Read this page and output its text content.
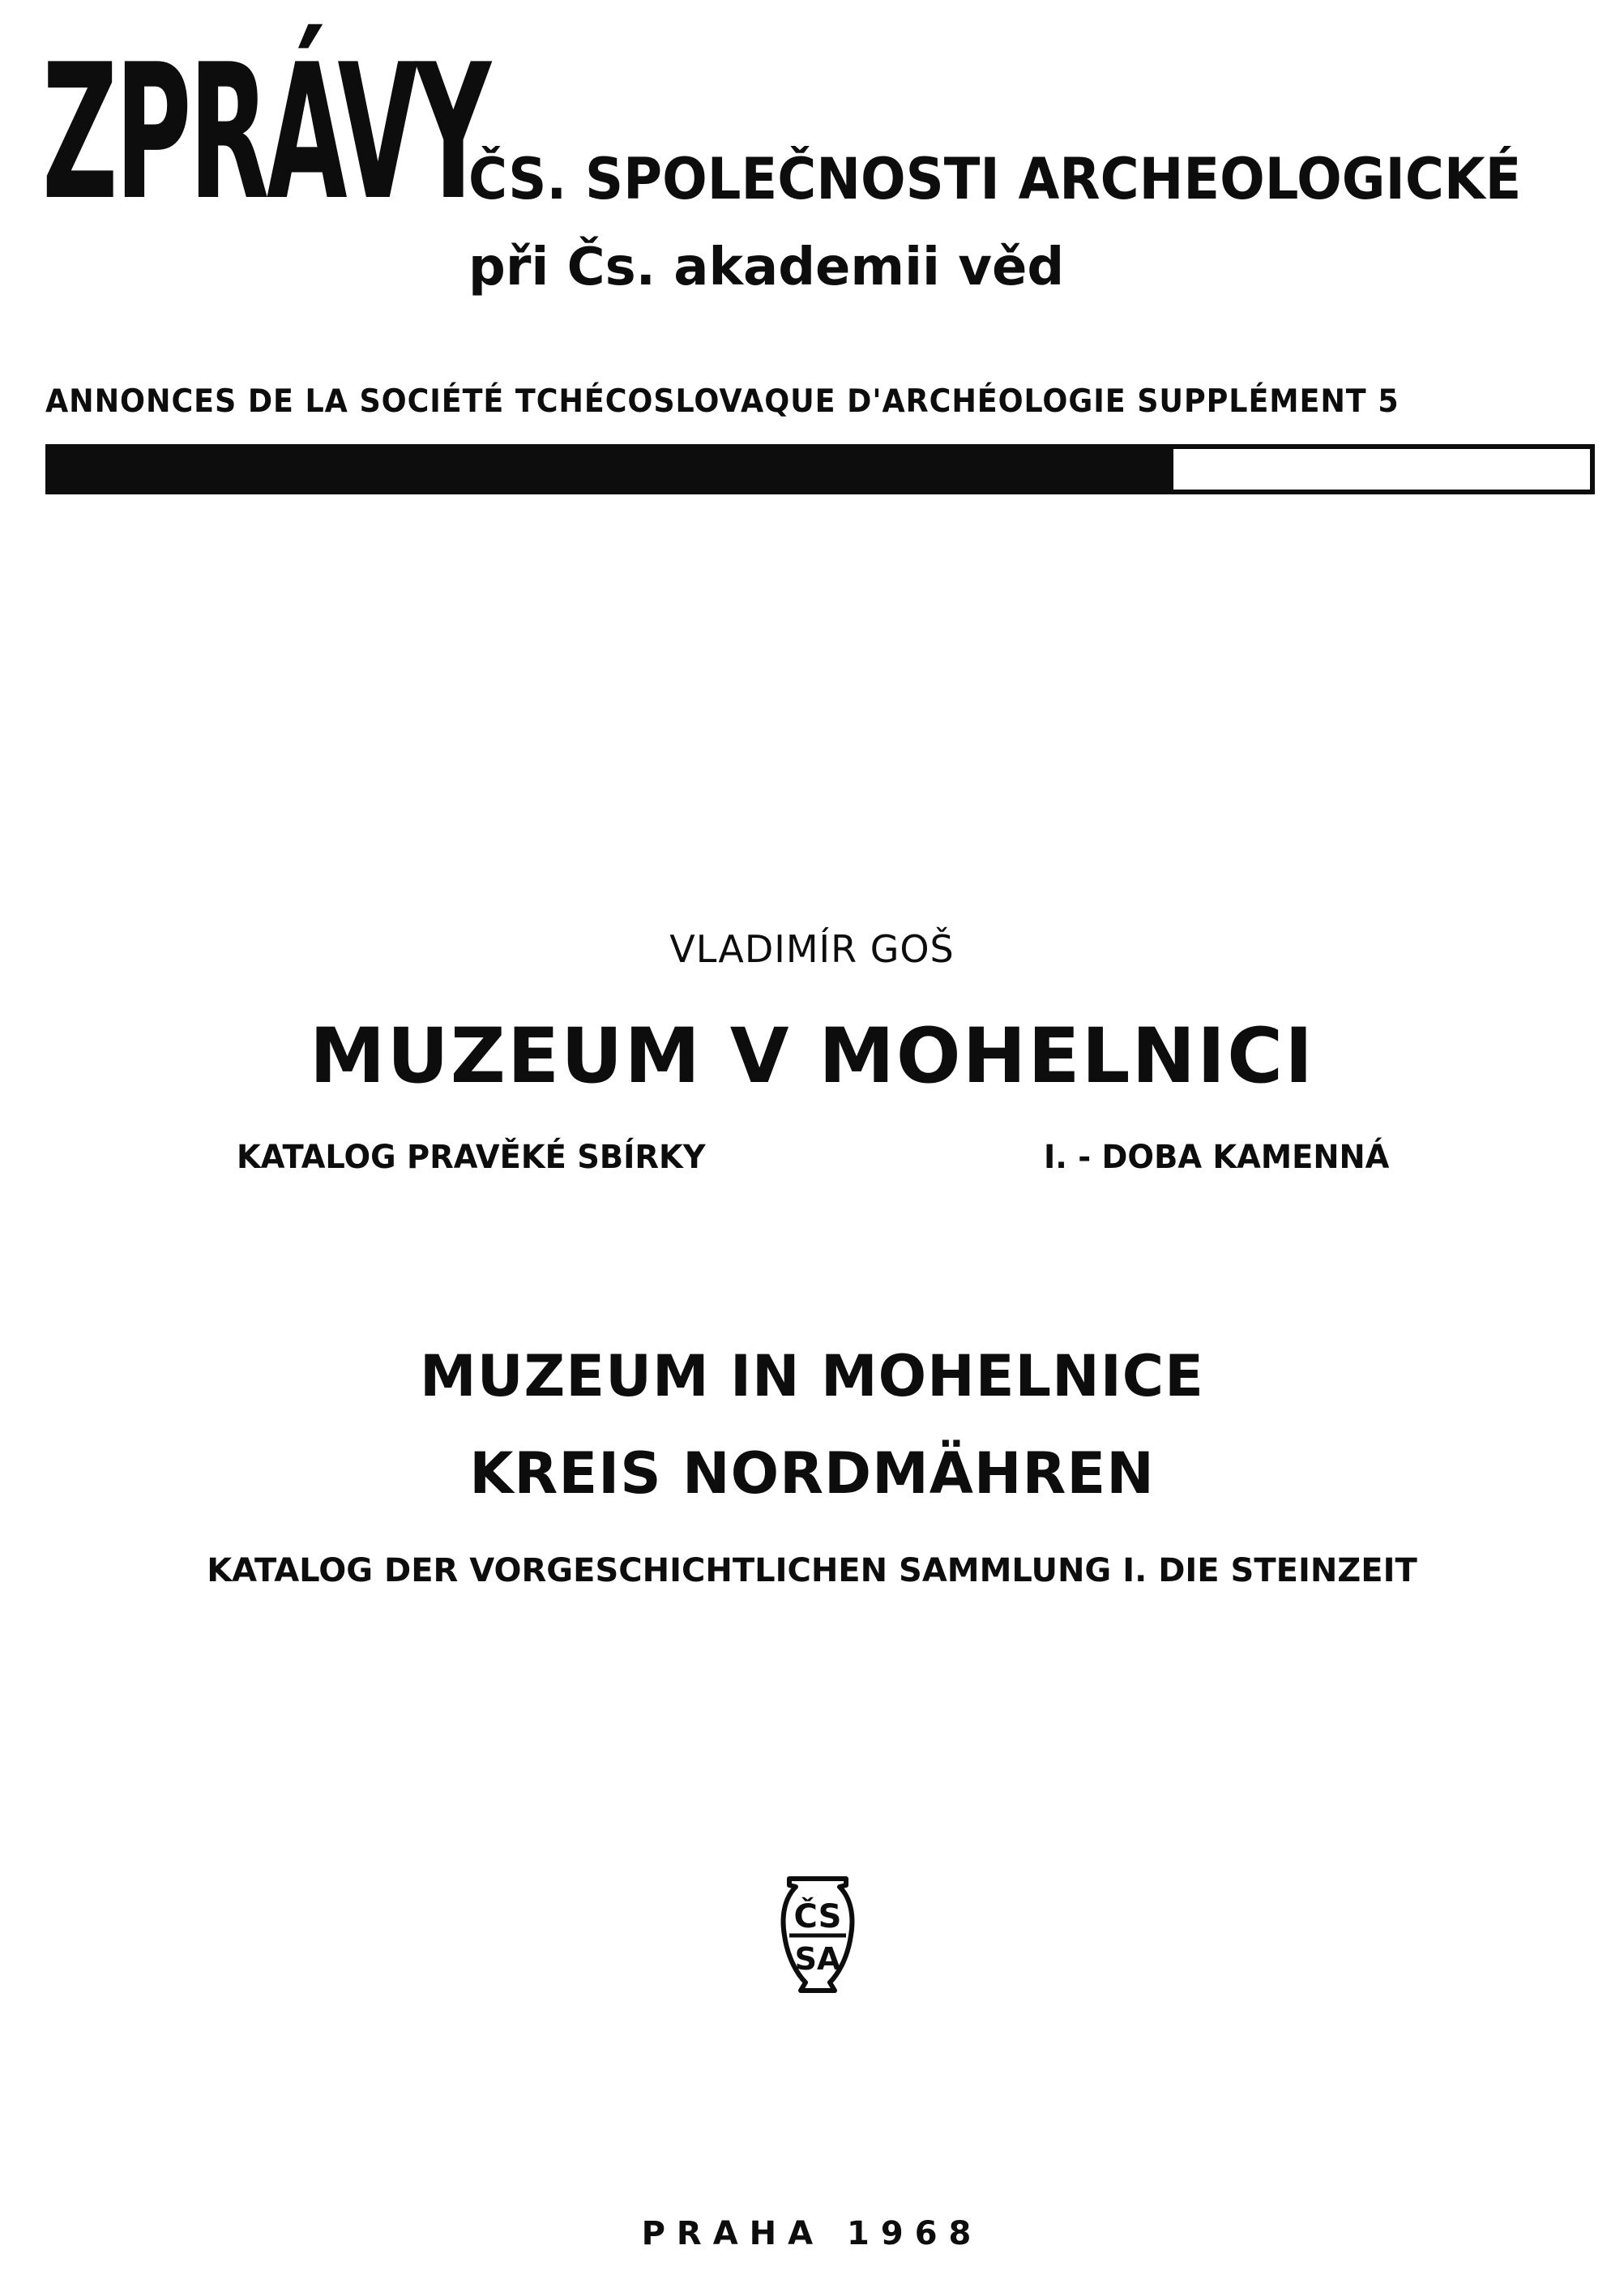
ZPRÁVY
ČS. SPOLEČNOSTI ARCHEOLOGICKÉ
při Čs. akademii věd
ANNONCES DE LA SOCIÉTÉ TCHÉCOSLOVAQUE D'ARCHÉOLOGIE SUPPLÉMENT 5
VLADIMÍR GOŠ
MUZEUM V MOHELNICI
KATALOG PRAVĚKÉ SBÍRKY	I. - DOBA KAMENNÁ
MUZEUM IN MOHELNICE
KREIS NORDMÄHREN
KATALOG DER VORGESCHICHTLICHEN SAMMLUNG I. DIE STEINZEIT
ČS
SA
PRAHA 1968
